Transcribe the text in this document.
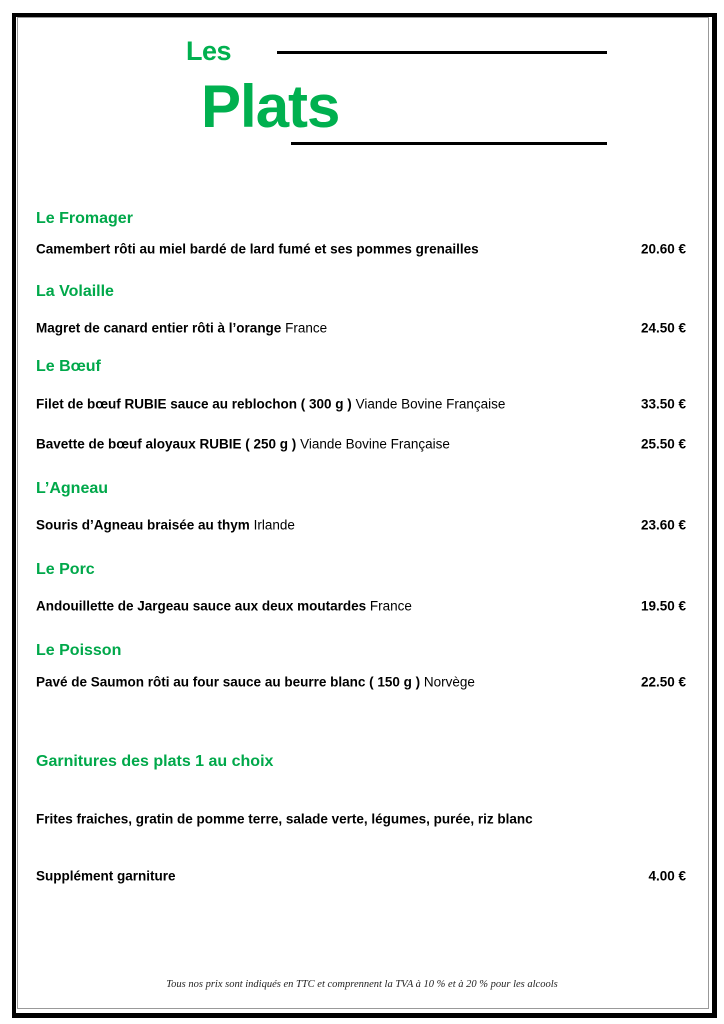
Les
Plats
Le Fromager
Camembert rôti au miel bardé de lard fumé et ses pommes grenailles	20.60 €
La Volaille
Magret de canard entier rôti à l’orange France	24.50 €
Le Bœuf
Filet de bœuf RUBIE sauce au reblochon ( 300 g ) Viande Bovine Française	33.50 €
Bavette de bœuf aloyaux RUBIE ( 250 g ) Viande Bovine Française	25.50 €
L’Agneau
Souris d’Agneau braisée au thym Irlande	23.60 €
Le Porc
Andouillette de Jargeau sauce aux deux moutardes France	19.50 €
Le Poisson
Pavé de Saumon rôti au four sauce au beurre blanc ( 150 g ) Norvège	22.50 €
Garnitures des plats 1 au choix
Frites fraiches, gratin de pomme terre, salade verte, légumes, purée, riz blanc
Supplément garniture	4.00 €
Tous nos prix sont indiqués en TTC et comprennent la TVA à 10 % et à 20 % pour les alcools
